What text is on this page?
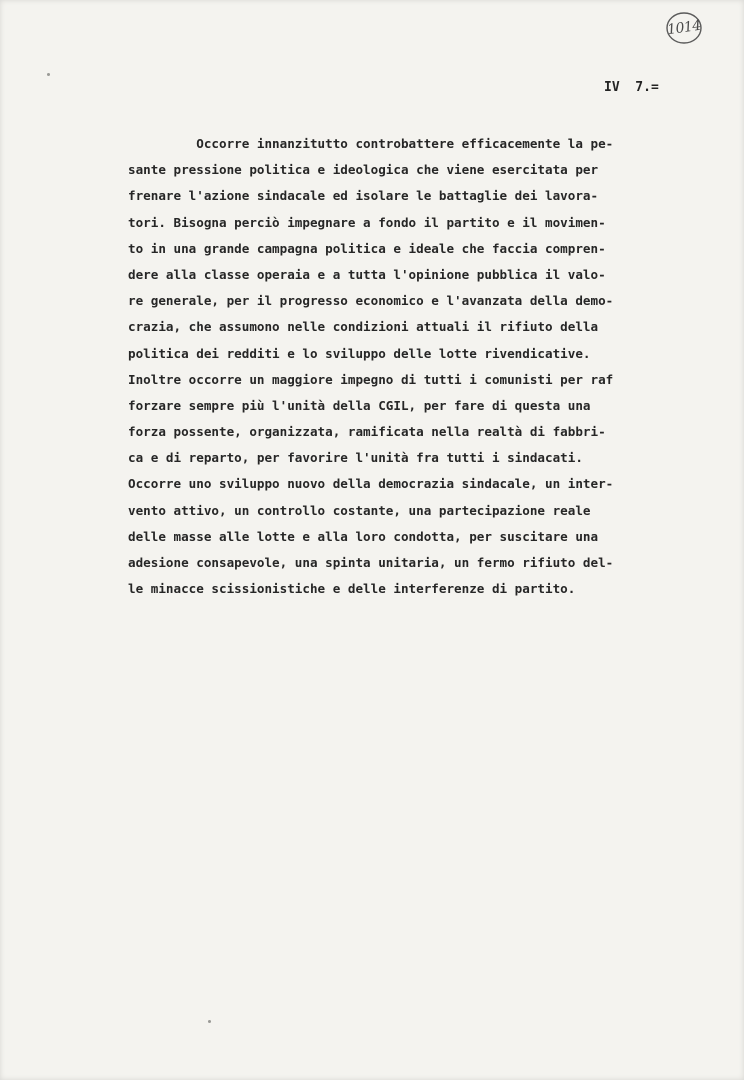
1014
IV  7.=
Occorre innanzitutto controbattere efficacemente la pe-
sante pressione politica e ideologica che viene esercitata per
frenare l'azione sindacale ed isolare le battaglie dei lavora-
tori. Bisogna perciò impegnare a fondo il partito e il movimen-
to in una grande campagna politica e ideale che faccia compren-
dere alla classe operaia e a tutta l'opinione pubblica il valo-
re generale, per il progresso economico e l'avanzata della demo-
crazia, che assumono nelle condizioni attuali il rifiuto della
politica dei redditi e lo sviluppo delle lotte rivendicative.
Inoltre occorre un maggiore impegno di tutti i comunisti per raf
forzare sempre più l'unità della CGIL, per fare di questa una
forza possente, organizzata, ramificata nella realtà di fabbri-
ca e di reparto, per favorire l'unità fra tutti i sindacati.
Occorre uno sviluppo nuovo della democrazia sindacale, un inter-
vento attivo, un controllo costante, una partecipazione reale
delle masse alle lotte e alla loro condotta, per suscitare una
adesione consapevole, una spinta unitaria, un fermo rifiuto del-
le minacce scissionistiche e delle interferenze di partito.
